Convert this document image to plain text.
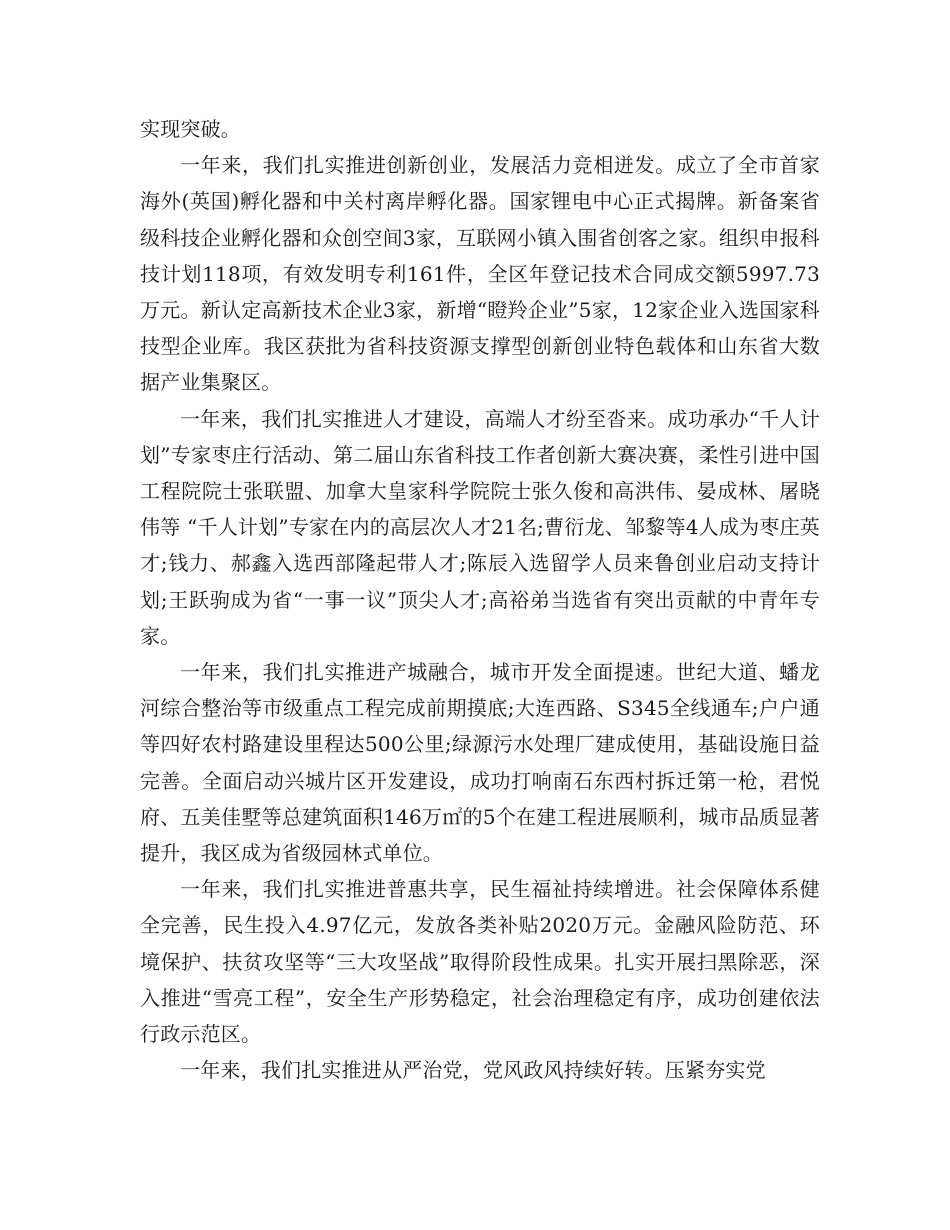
实现突破。

一年来，我们扎实推进创新创业，发展活力竞相迸发。成立了全市首家海外(英国)孵化器和中关村离岸孵化器。国家锂电中心正式揭牌。新备案省级科技企业孵化器和众创空间3家，互联网小镇入围省创客之家。组织申报科技计划118项，有效发明专利161件，全区年登记技术合同成交额5997.73万元。新认定高新技术企业3家，新增“瞪羚企业”5家，12家企业入选国家科技型企业库。我区获批为省科技资源支撑型创新创业特色载体和山东省大数据产业集聚区。

一年来，我们扎实推进人才建设，高端人才纷至沓来。成功承办“千人计划”专家枣庄行活动、第二届山东省科技工作者创新大赛决赛，柔性引进中国工程院院士张联盟、加拿大皇家科学院院士张久俊和高洪伟、晏成林、屠晓伟等 “千人计划”专家在内的高层次人才21名;曹衍龙、邹黎等4人成为枣庄英才;钱力、郝鑫入选西部隆起带人才;陈辰入选留学人员来鲁创业启动支持计划;王跃驹成为省“一事一议”顶尖人才;高裕弟当选省有突出贡献的中青年专家。

一年来，我们扎实推进产城融合，城市开发全面提速。世纪大道、蟠龙河综合整治等市级重点工程完成前期摸底;大连西路、S345全线通车;户户通等四好农村路建设里程达500公里;绿源污水处理厂建成使用，基础设施日益完善。全面启动兴城片区开发建设，成功打响南石东西村拆迁第一枪，君悦府、五美佳墅等总建筑面积146万㎡的5个在建工程进展顺利，城市品质显著提升，我区成为省级园林式单位。

一年来，我们扎实推进普惠共享，民生福祉持续增进。社会保障体系健全完善，民生投入4.97亿元，发放各类补贴2020万元。金融风险防范、环境保护、扶贫攻坚等“三大攻坚战”取得阶段性成果。扎实开展扫黑除恶，深入推进“雪亮工程”，安全生产形势稳定，社会治理稳定有序，成功创建依法行政示范区。

一年来，我们扎实推进从严治党，党风政风持续好转。压紧夯实党
